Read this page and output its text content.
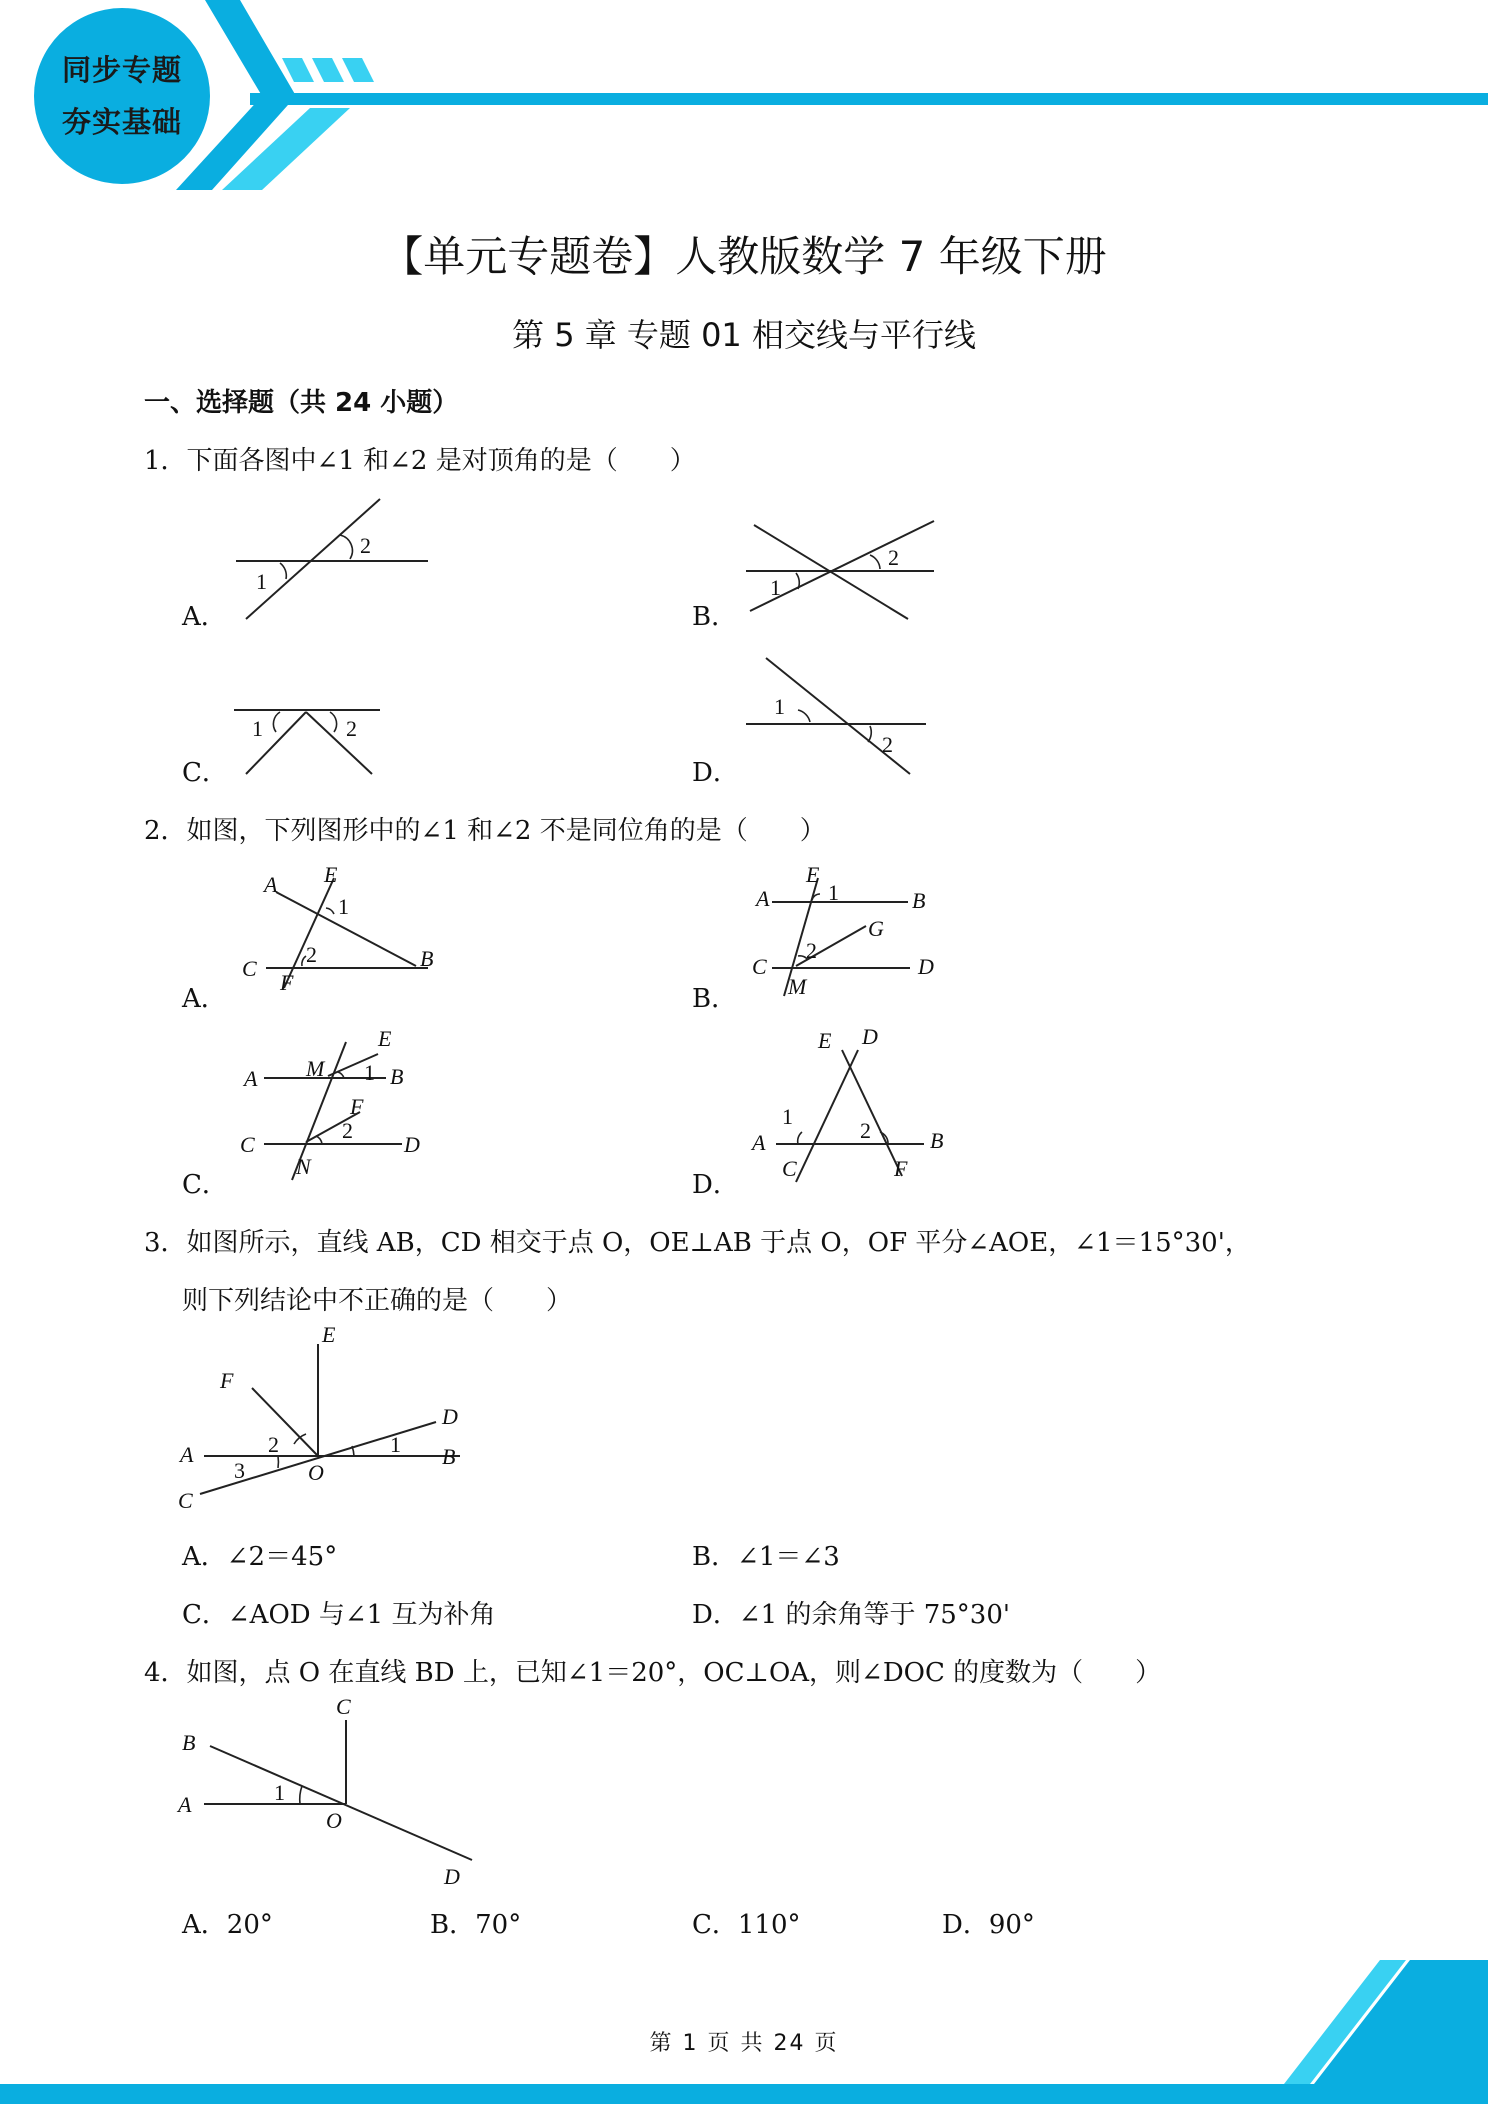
同步专题
夯实基础
【单元专题卷】人教版数学 7 年级下册
第 5 章 专题 01 相交线与平行线
一、选择题（共 24 小题）
1．下面各图中∠1 和∠2 是对顶角的是（　　）
A．
1
2
B．
1
2
C．
1	2
D．
1
2
2．如图，下列图形中的∠1 和∠2 不是同位角的是（　　）
A．
A E
1
2
C	B
F
B．
A
E
1	B
G
2
C	D
M
C．
A M
E
1 B
F
2
C	D
N
D．
E D
1
2
A	B
C	F
3．如图所示，直线 AB，CD 相交于点 O，OE⊥AB 于点 O，OF 平分∠AOE，∠1＝15°30'，
则下列结论中不正确的是（　　）
E
F
D
2	1
A	B
3	O
C
A．∠2＝45°	B．∠1＝∠3
C．∠AOD 与∠1 互为补角	D．∠1 的余角等于 75°30'
4．如图，点 O 在直线 BD 上，已知∠1＝20°，OC⊥OA，则∠DOC 的度数为（　　）
C
B
1
A
O
D
A．20°	B．70°	C．110°	D．90°
第 1 页 共 24 页
